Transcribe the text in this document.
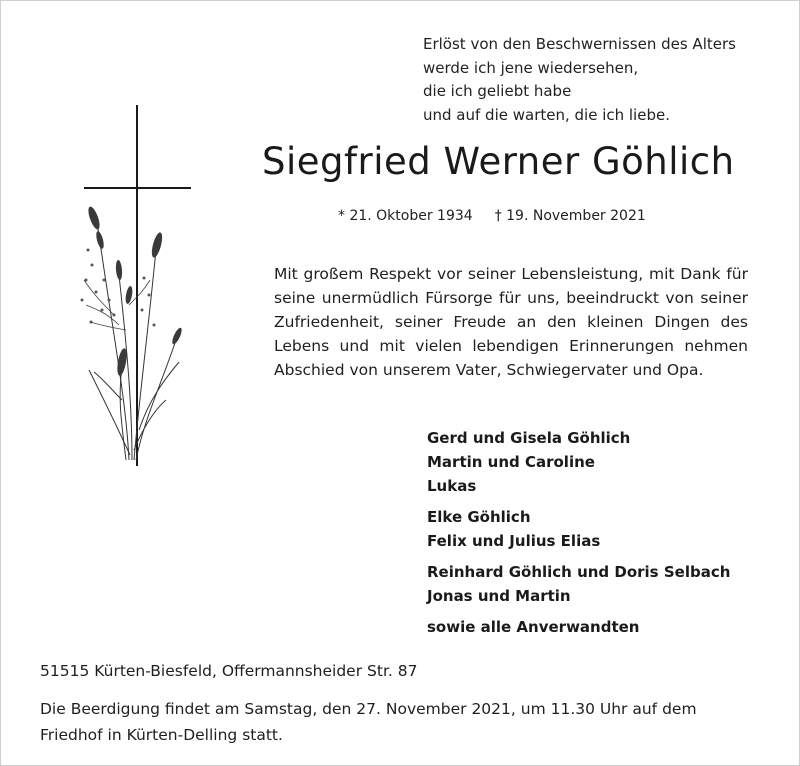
Erlöst von den Beschwernissen des Alters
werde ich jene wiedersehen,
die ich geliebt habe
und auf die warten, die ich liebe.
Siegfried Werner Göhlich
* 21. Oktober 1934 † 19. November 2021
Mit großem Respekt vor seiner Lebensleistung, mit Dank für seine unermüdlich Fürsorge für uns, beeindruckt von seiner Zufriedenheit, seiner Freude an den kleinen Dingen des Lebens und mit vielen lebendigen Erinnerungen nehmen Abschied von unserem Vater, Schwiegervater und Opa.
Gerd und Gisela Göhlich
Martin und Caroline
Lukas
Elke Göhlich
Felix und Julius Elias
Reinhard Göhlich und Doris Selbach
Jonas und Martin
sowie alle Anverwandten
51515 Kürten-Biesfeld, Offermannsheider Str. 87
Die Beerdigung findet am Samstag, den 27. November 2021, um 11.30 Uhr auf dem
Friedhof in Kürten-Delling statt.
